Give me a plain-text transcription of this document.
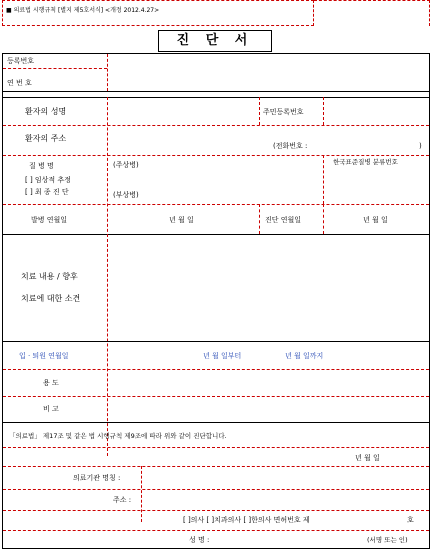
■ 의료법 시행규칙 [별지 제5호서식] <개정 2012.4.27>
진 단 서
등록번호
연 번 호
환자의 성명	주민등록번호
환자의 주소
(전화번호 :	)
질 병 명
[ ] 임상적 추정
[ ] 최 종 진 단
(주상병)
(부상병)
한국표준질병 분류번호
발병 연월일	년 월 일	진단 연월일	년 월 일
치료 내용 / 향후
치료에 대한 소견
입 · 퇴원 연월일	년 월 일부터	년 월 일까지
용 도
비 고
「의료법」 제17조 및 같은 법 시행규칙 제9조에 따라 위와 같이 진단합니다.
년 월 일
의료기관 명칭 :
주소 :
[ ]의사 [ ]치과의사 [ ]한의사 면허번호 제	호
성 명 :	(서명 또는 인)
